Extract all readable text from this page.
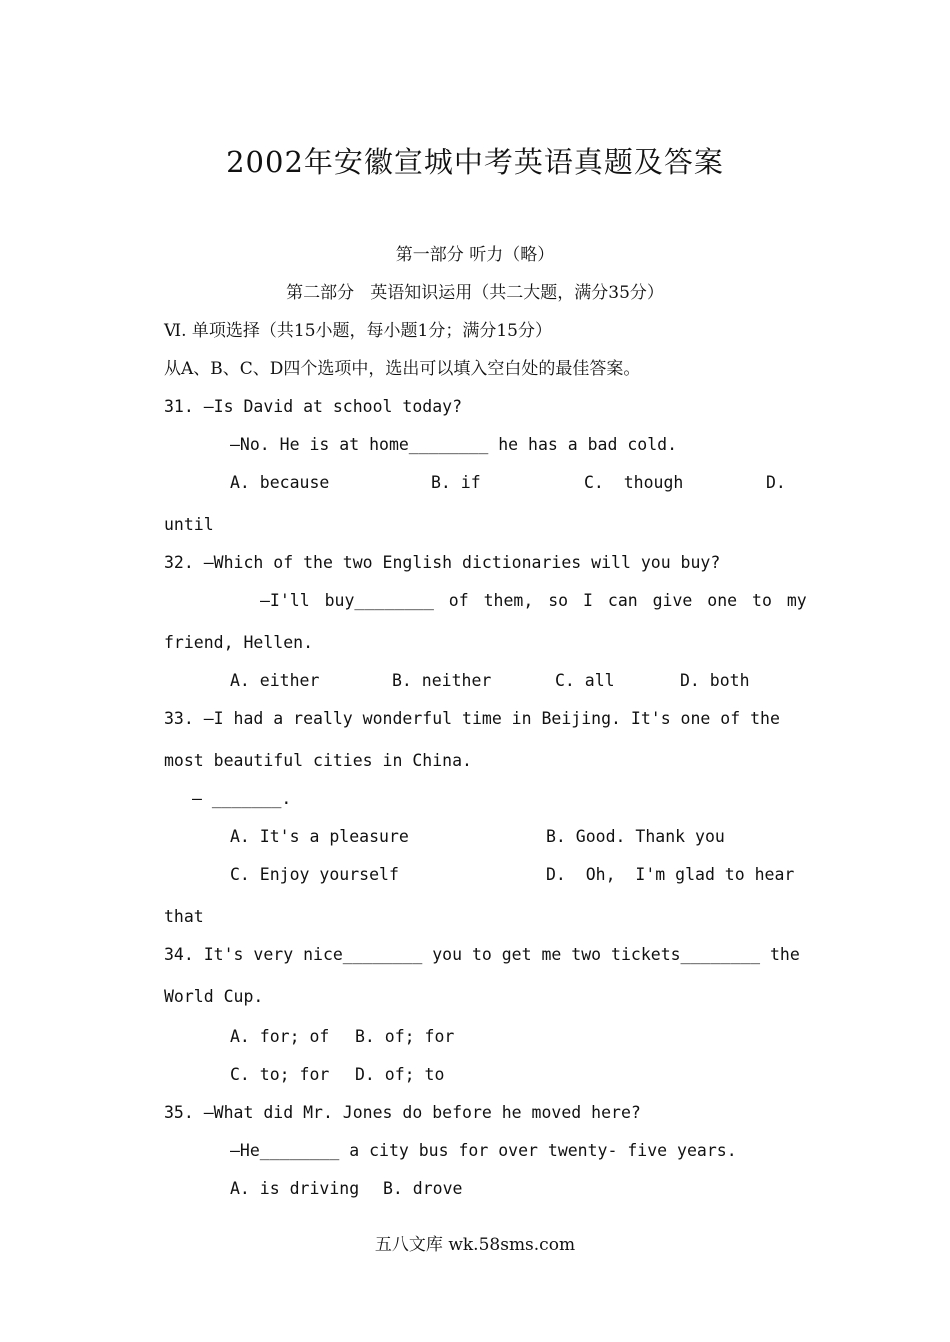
2002年安徽宣城中考英语真题及答案
第一部分 听力（略）
第二部分   英语知识运用（共二大题，满分35分）
Ⅵ. 单项选择（共15小题，每小题1分；满分15分）
从A、B、C、D四个选项中，选出可以填入空白处的最佳答案。
31. —Is David at school today?
—No. He is at home________ he has a bad cold.
A. because	B. if	C.  though	D.
until
32. —Which of the two English dictionaries will you buy?
—I'll buy________ of them, so I can give one to my
friend, Hellen.
A. either	B. neither	C. all	D. both
33. —I had a really wonderful time in Beijing. It's one of the
most beautiful cities in China.
— _______.
A. It's a pleasure	B. Good. Thank you
C. Enjoy yourself	D.  Oh,  I'm glad to hear
that
34. It's very nice________ you to get me two tickets________ the
World Cup.
A. for; of B. of; for
C. to; for D. of; to
35. —What did Mr. Jones do before he moved here?
—He________ a city bus for over twenty- five years.
A. is driving B. drove
五八文库 wk.58sms.com
